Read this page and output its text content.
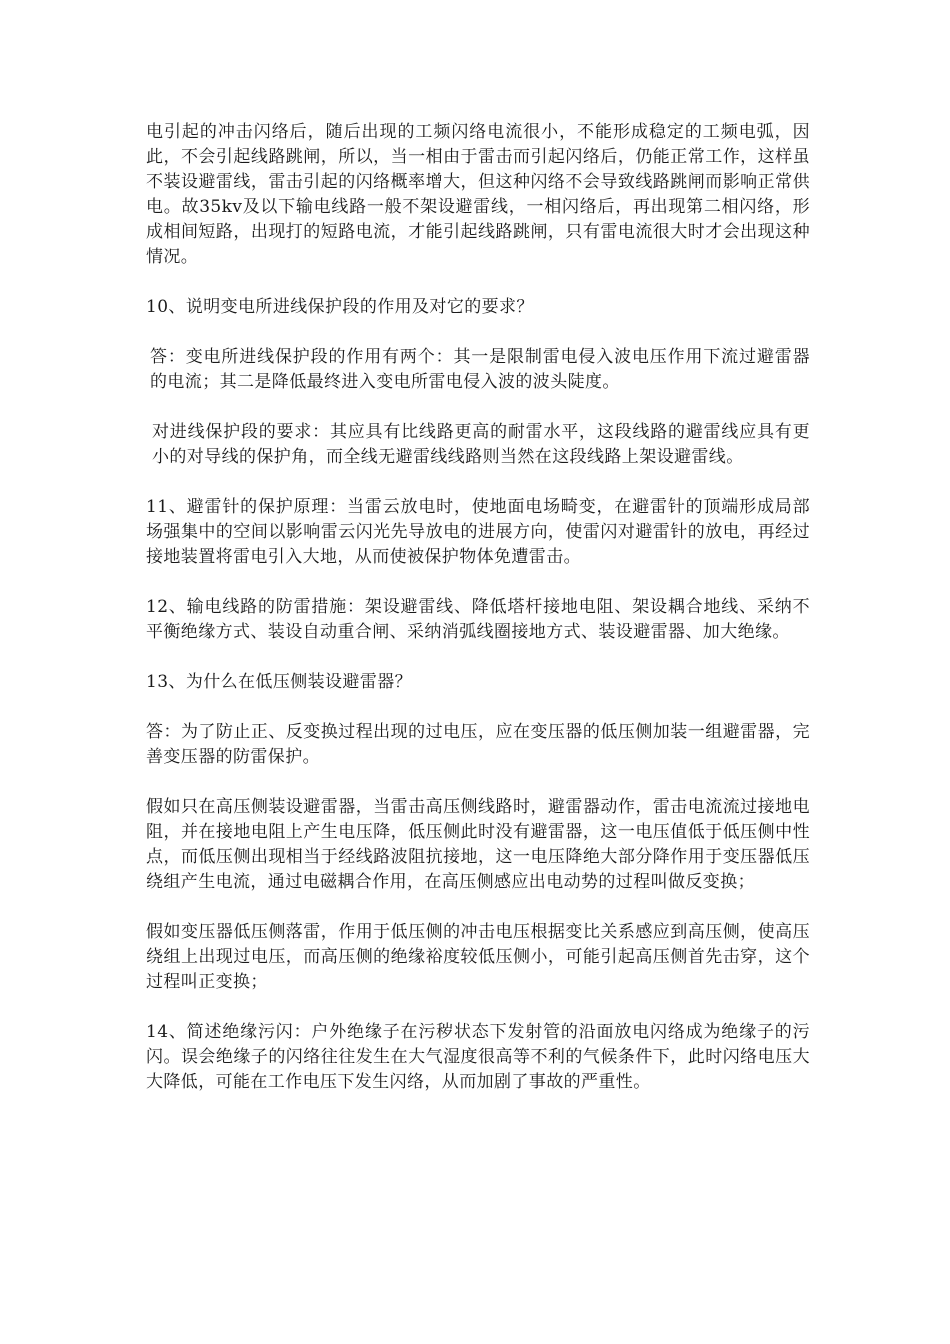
电引起的冲击闪络后，随后出现的工频闪络电流很小，不能形成稳定的工频电弧，因此，不会引起线路跳闸，所以，当一相由于雷击而引起闪络后，仍能正常工作，这样虽不装设避雷线，雷击引起的闪络概率增大，但这种闪络不会导致线路跳闸而影响正常供电。故35kv及以下输电线路一般不架设避雷线，一相闪络后，再出现第二相闪络，形成相间短路，出现打的短路电流，才能引起线路跳闸，只有雷电流很大时才会出现这种情况。

10、说明变电所进线保护段的作用及对它的要求？

答：变电所进线保护段的作用有两个：其一是限制雷电侵入波电压作用下流过避雷器的电流；其二是降低最终进入变电所雷电侵入波的波头陡度。

对进线保护段的要求：其应具有比线路更高的耐雷水平，这段线路的避雷线应具有更小的对导线的保护角，而全线无避雷线线路则当然在这段线路上架设避雷线。

11、避雷针的保护原理：当雷云放电时，使地面电场畸变，在避雷针的顶端形成局部场强集中的空间以影响雷云闪光先导放电的进展方向，使雷闪对避雷针的放电，再经过接地装置将雷电引入大地，从而使被保护物体免遭雷击。

12、输电线路的防雷措施：架设避雷线、降低塔杆接地电阻、架设耦合地线、采纳不平衡绝缘方式、装设自动重合闸、采纳消弧线圈接地方式、装设避雷器、加大绝缘。

13、为什么在低压侧装设避雷器？

答：为了防止正、反变换过程出现的过电压，应在变压器的低压侧加装一组避雷器，完善变压器的防雷保护。

假如只在高压侧装设避雷器，当雷击高压侧线路时，避雷器动作，雷击电流流过接地电阻，并在接地电阻上产生电压降，低压侧此时没有避雷器，这一电压值低于低压侧中性点，而低压侧出现相当于经线路波阻抗接地，这一电压降绝大部分降作用于变压器低压绕组产生电流，通过电磁耦合作用，在高压侧感应出电动势的过程叫做反变换；

假如变压器低压侧落雷，作用于低压侧的冲击电压根据变比关系感应到高压侧，使高压绕组上出现过电压，而高压侧的绝缘裕度较低压侧小，可能引起高压侧首先击穿，这个过程叫正变换；

14、简述绝缘污闪：户外绝缘子在污秽状态下发射管的沿面放电闪络成为绝缘子的污闪。误会绝缘子的闪络往往发生在大气湿度很高等不利的气候条件下，此时闪络电压大大降低，可能在工作电压下发生闪络，从而加剧了事故的严重性。
